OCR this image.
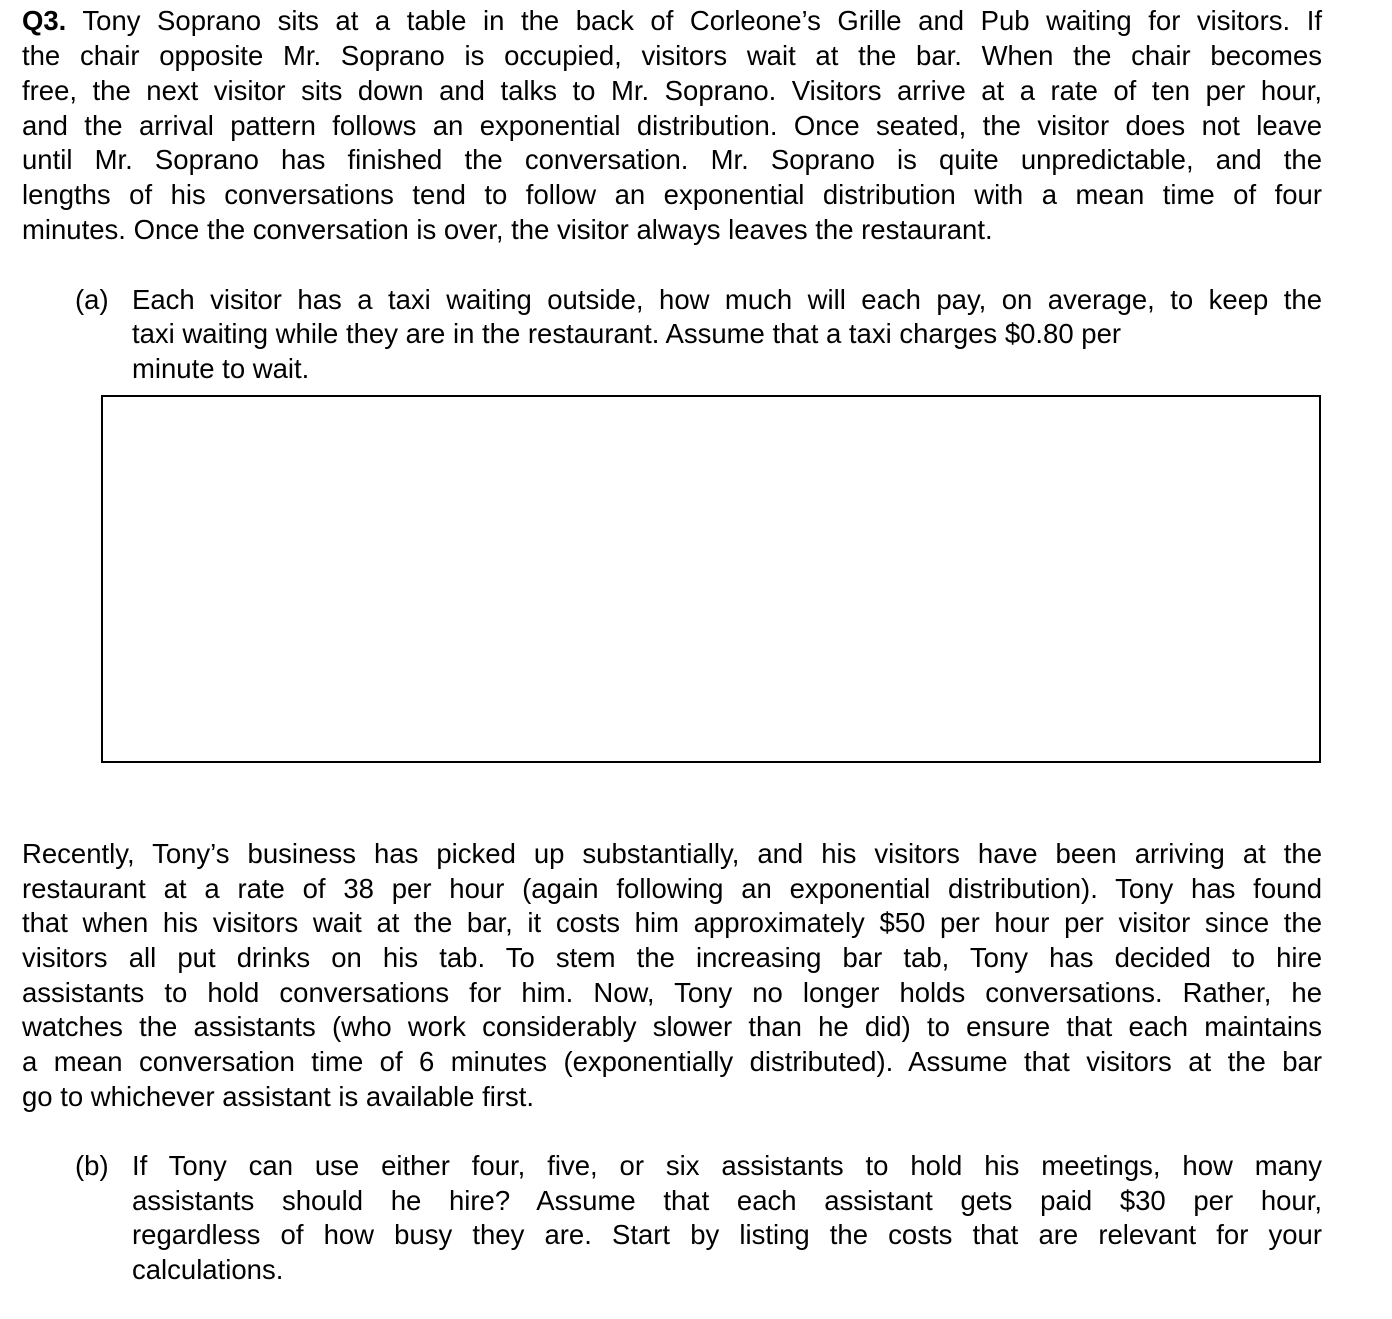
Q3. Tony Soprano sits at a table in the back of Corleone’s Grille and Pub waiting for visitors. If
the chair opposite Mr. Soprano is occupied, visitors wait at the bar. When the chair becomes
free, the next visitor sits down and talks to Mr. Soprano. Visitors arrive at a rate of ten per hour,
and the arrival pattern follows an exponential distribution. Once seated, the visitor does not leave
until Mr. Soprano has finished the conversation. Mr. Soprano is quite unpredictable, and the
lengths of his conversations tend to follow an exponential distribution with a mean time of four
minutes. Once the conversation is over, the visitor always leaves the restaurant.
(a) Each visitor has a taxi waiting outside, how much will each pay, on average, to keep the
taxi waiting while they are in the restaurant. Assume that a taxi charges $0.80 per
minute to wait.
Recently, Tony’s business has picked up substantially, and his visitors have been arriving at the
restaurant at a rate of 38 per hour (again following an exponential distribution). Tony has found
that when his visitors wait at the bar, it costs him approximately $50 per hour per visitor since the
visitors all put drinks on his tab. To stem the increasing bar tab, Tony has decided to hire
assistants to hold conversations for him. Now, Tony no longer holds conversations. Rather, he
watches the assistants (who work considerably slower than he did) to ensure that each maintains
a mean conversation time of 6 minutes (exponentially distributed). Assume that visitors at the bar
go to whichever assistant is available first.
(b) If Tony can use either four, five, or six assistants to hold his meetings, how many
assistants should he hire? Assume that each assistant gets paid $30 per hour,
regardless of how busy they are. Start by listing the costs that are relevant for your
calculations.
